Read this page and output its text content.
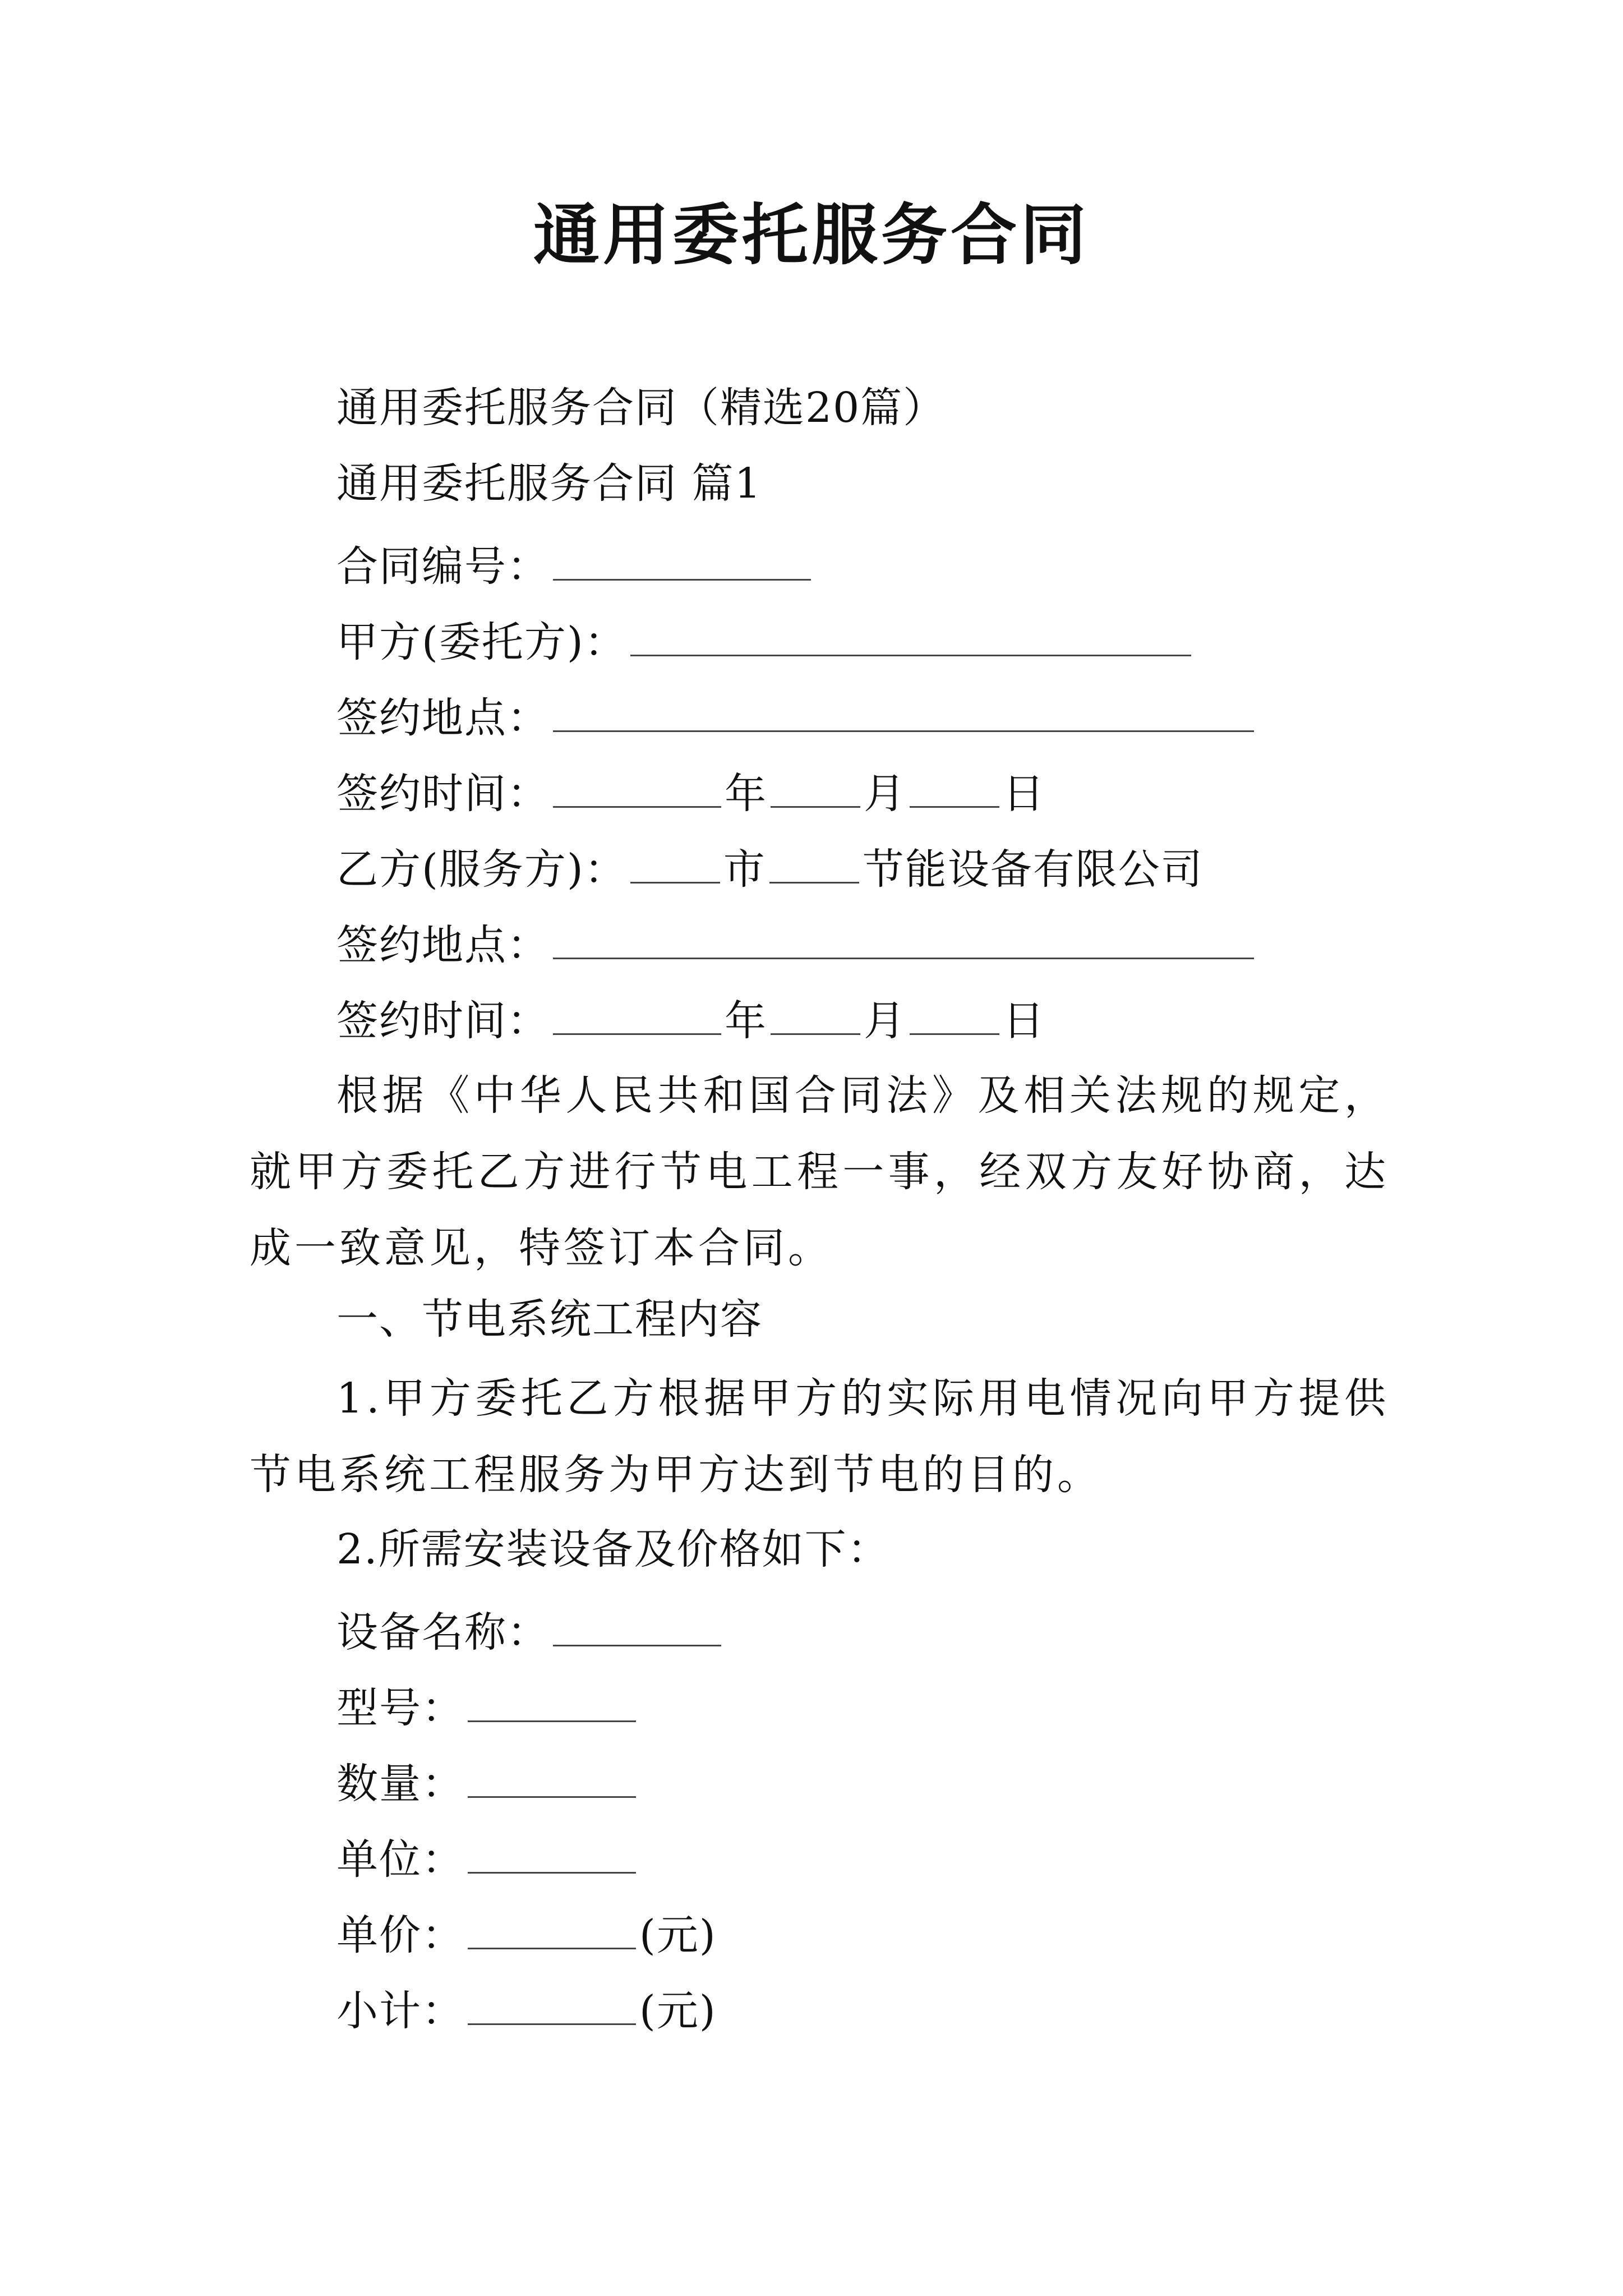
通用委托服务合同
通用委托服务合同（精选20篇）
通用委托服务合同 篇1
合同编号：
甲方(委托方)：
签约地点：
签约时间：	年 月 日
乙方(服务方)： 市 节能设备有限公司
签约地点：
签约时间：	年 月 日
根据《中华人民共和国合同法》及相关法规的规定，就甲方委托乙方进行节电工程一事，经双方友好协商，达成一致意见，特签订本合同。
一、节电系统工程内容
1.甲方委托乙方根据甲方的实际用电情况向甲方提供节电系统工程服务为甲方达到节电的目的。
2.所需安装设备及价格如下：
设备名称：
型号：
数量：
单位：
单价：	(元)
小计：	(元)
